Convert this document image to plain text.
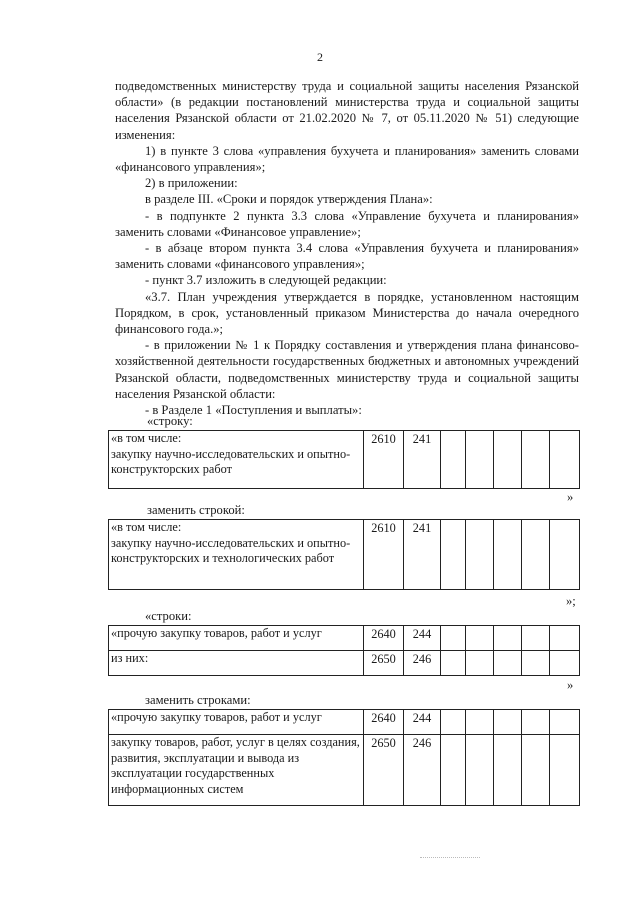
2

подведомственных министерству труда и социальной защиты населения Рязанской области» (в редакции постановлений министерства труда и социальной защиты населения Рязанской области от 21.02.2020 № 7, от 05.11.2020 № 51) следующие изменения:

1) в пункте 3 слова «управления бухучета и планирования» заменить словами «финансового управления»;

2) в приложении:

в разделе III. «Сроки и порядок утверждения Плана»:

- в подпункте 2 пункта 3.3 слова «Управление бухучета и планирования» заменить словами «Финансовое управление»;

- в абзаце втором пункта 3.4 слова «Управления бухучета и планирования» заменить словами «финансового управления»;

- пункт 3.7 изложить в следующей редакции:

«3.7. План учреждения утверждается в порядке, установленном настоящим Порядком, в срок, установленный приказом Министерства до начала очередного финансового года.»;

- в приложении № 1 к Порядку составления и утверждения плана финансово-хозяйственной деятельности государственных бюджетных и автономных учреждений Рязанской области, подведомственных министерству труда и социальной защиты населения Рязанской области:

- в Разделе 1 «Поступления и выплаты»:

«строку:
«в том числе:
закупку научно-исследовательских и опытно-конструкторских работ	2610	241					
»
заменить строкой:
«в том числе:
закупку научно-исследовательских и опытно-конструкторских и технологических работ	2610	241					
»;
«строки:
«прочую закупку товаров, работ и услуг	2640	244					
из них:	2650	246					
»
заменить строками:
«прочую закупку товаров, работ и услуг	2640	244					
закупку товаров, работ, услуг в целях создания, развития, эксплуатации и вывода из эксплуатации государственных информационных систем	2650	246					
